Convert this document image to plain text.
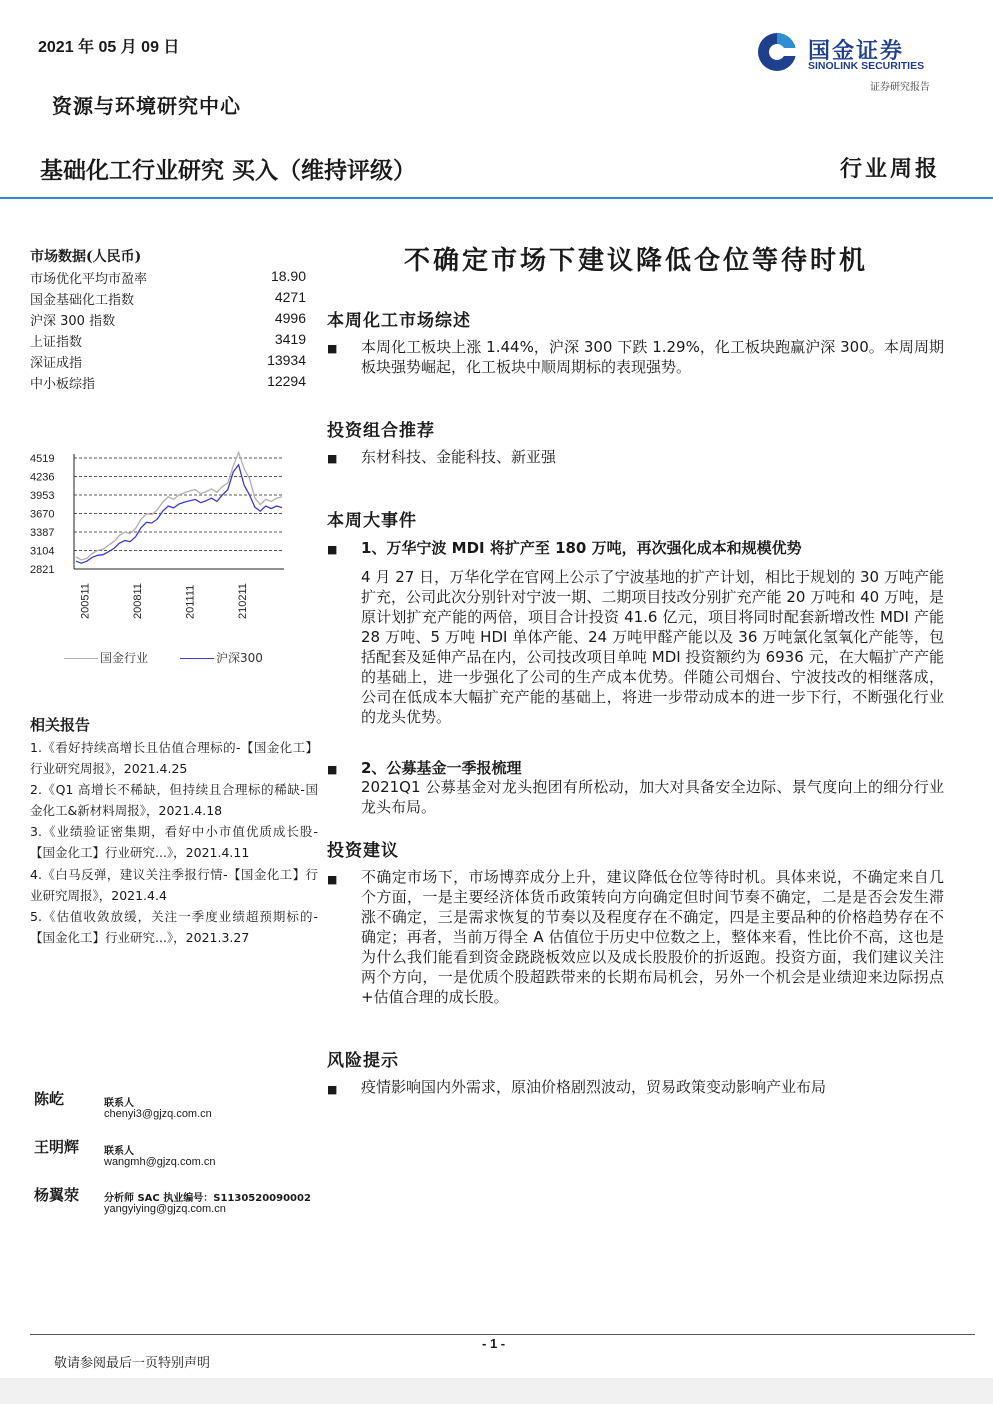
2021 年 05 月 09 日
资源与环境研究中心
基础化工行业研究 买入（维持评级）	行业周报
国金证券
SINOLINK SECURITIES
证券研究报告
市场数据(人民币)
市场优化平均市盈率	18.90
国金基础化工指数	4271
沪深 300 指数	4996
上证指数	3419
深证成指	13934
中小板综指	12294
4519
4236
3953
3670
3387
3104
2821
200511	200811	201111	210211
国金行业	沪深300
相关报告
1.《看好持续高增长且估值合理标的-【国金化工】行业研究周报》，2021.4.25
2.《Q1 高增长不稀缺，但持续且合理标的稀缺-国金化工&新材料周报》，2021.4.18
3.《业绩验证密集期，看好中小市值优质成长股-【国金化工】行业研究...》，2021.4.11
4.《白马反弹，建议关注季报行情-【国金化工】行业研究周报》，2021.4.4
5.《估值收敛放缓，关注一季度业绩超预期标的-【国金化工】行业研究...》，2021.3.27
陈屹	联系人
chenyi3@gjzq.com.cn
王明辉 联系人
wangmh@gjzq.com.cn
杨翼荥 分析师 SAC 执业编号：S1130520090002
yangyiying@gjzq.com.cn
不确定市场下建议降低仓位等待时机
本周化工市场综述
■ 本周化工板块上涨 1.44%，沪深 300 下跌 1.29%，化工板块跑赢沪深 300。本周周期板块强势崛起，化工板块中顺周期标的表现强势。
投资组合推荐
■ 东材科技、金能科技、新亚强
本周大事件
■ 1、万华宁波 MDI 将扩产至 180 万吨，再次强化成本和规模优势
4 月 27 日，万华化学在官网上公示了宁波基地的扩产计划，相比于规划的 30 万吨产能扩充，公司此次分别针对宁波一期、二期项目技改分别扩充产能 20 万吨和 40 万吨，是原计划扩充产能的两倍，项目合计投资 41.6 亿元，项目将同时配套新增改性 MDI 产能 28 万吨、5 万吨 HDI 单体产能、24 万吨甲醛产能以及 36 万吨氯化氢氧化产能等，包括配套及延伸产品在内，公司技改项目单吨 MDI 投资额约为 6936 元，在大幅扩产产能的基础上，进一步强化了公司的生产成本优势。伴随公司烟台、宁波技改的相继落成，公司在低成本大幅扩充产能的基础上，将进一步带动成本的进一步下行，不断强化行业的龙头优势。
■ 2、公募基金一季报梳理
2021Q1 公募基金对龙头抱团有所松动，加大对具备安全边际、景气度向上的细分行业龙头布局。
投资建议
■ 不确定市场下，市场博弈成分上升，建议降低仓位等待时机。具体来说，不确定来自几个方面，一是主要经济体货币政策转向方向确定但时间节奏不确定，二是是否会发生滞涨不确定，三是需求恢复的节奏以及程度存在不确定，四是主要品种的价格趋势存在不确定；再者，当前万得全 A 估值位于历史中位数之上，整体来看，性比价不高，这也是为什么我们能看到资金跷跷板效应以及成长股股价的折返跑。投资方面，我们建议关注两个方向，一是优质个股超跌带来的长期布局机会，另外一个机会是业绩迎来边际拐点+估值合理的成长股。
风险提示
■ 疫情影响国内外需求，原油价格剧烈波动，贸易政策变动影响产业布局
- 1 -
敬请参阅最后一页特别声明
